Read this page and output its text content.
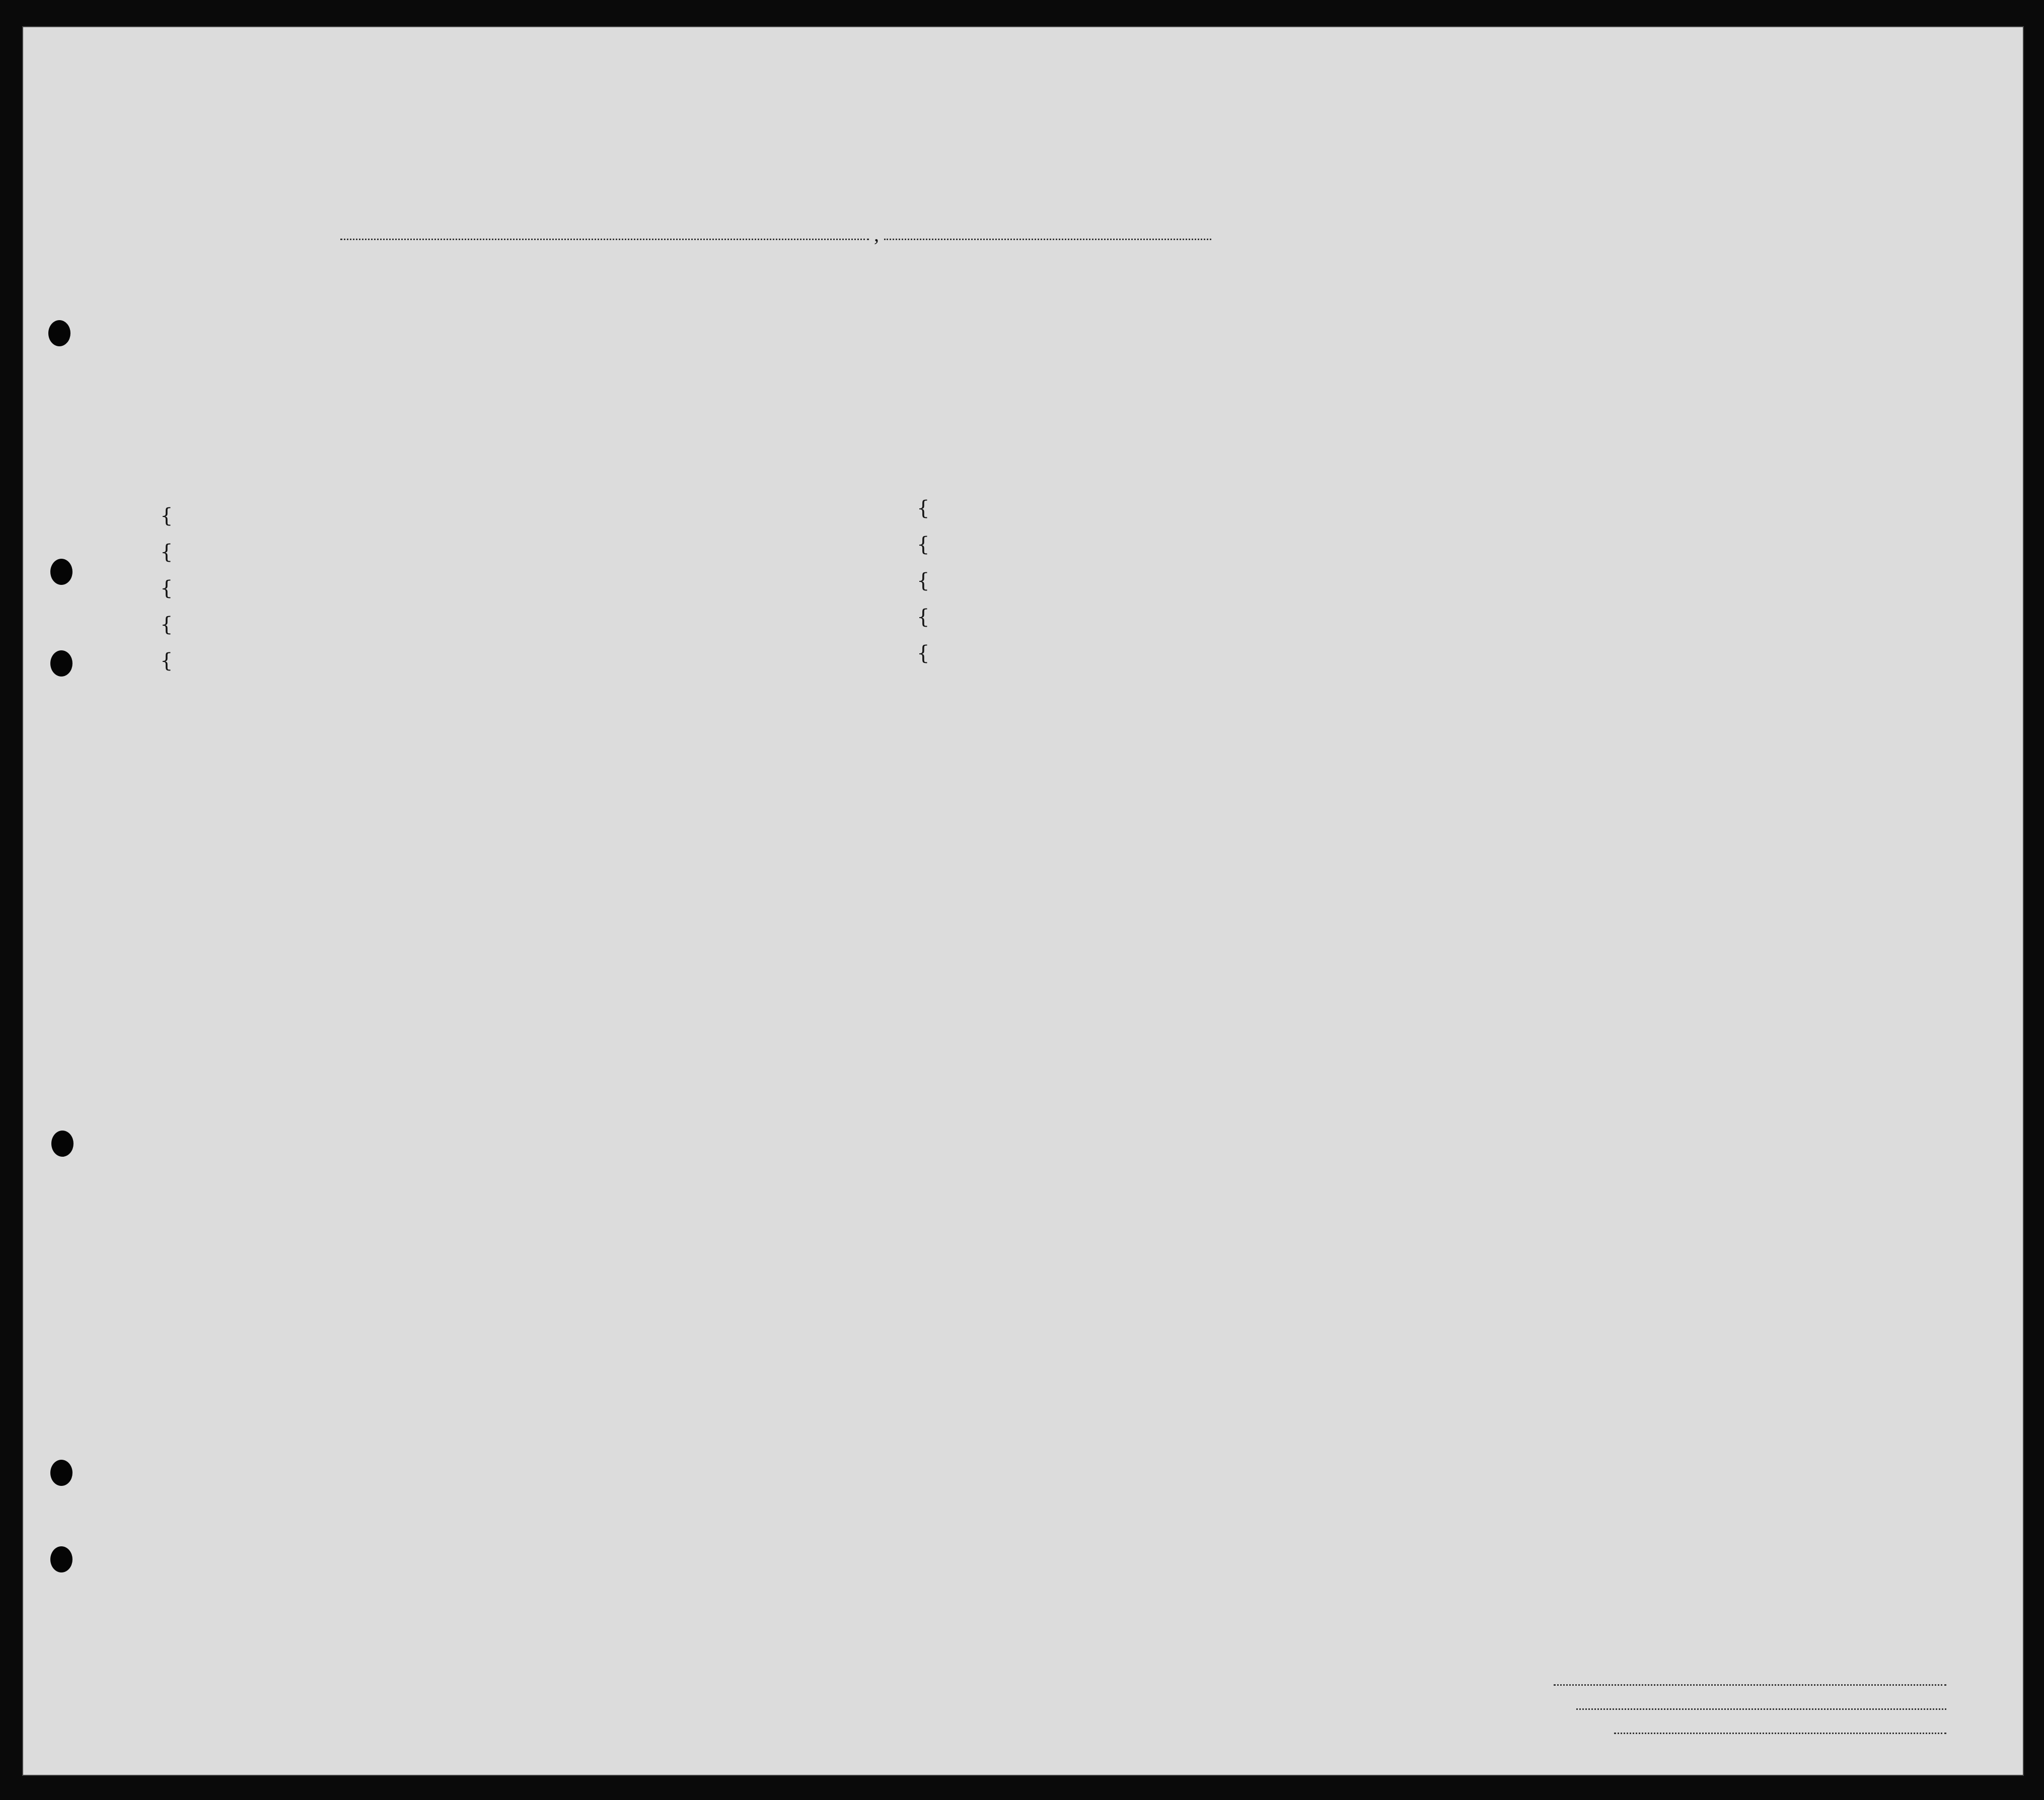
,
{
{
{
{
{
{
{
{
{
{
